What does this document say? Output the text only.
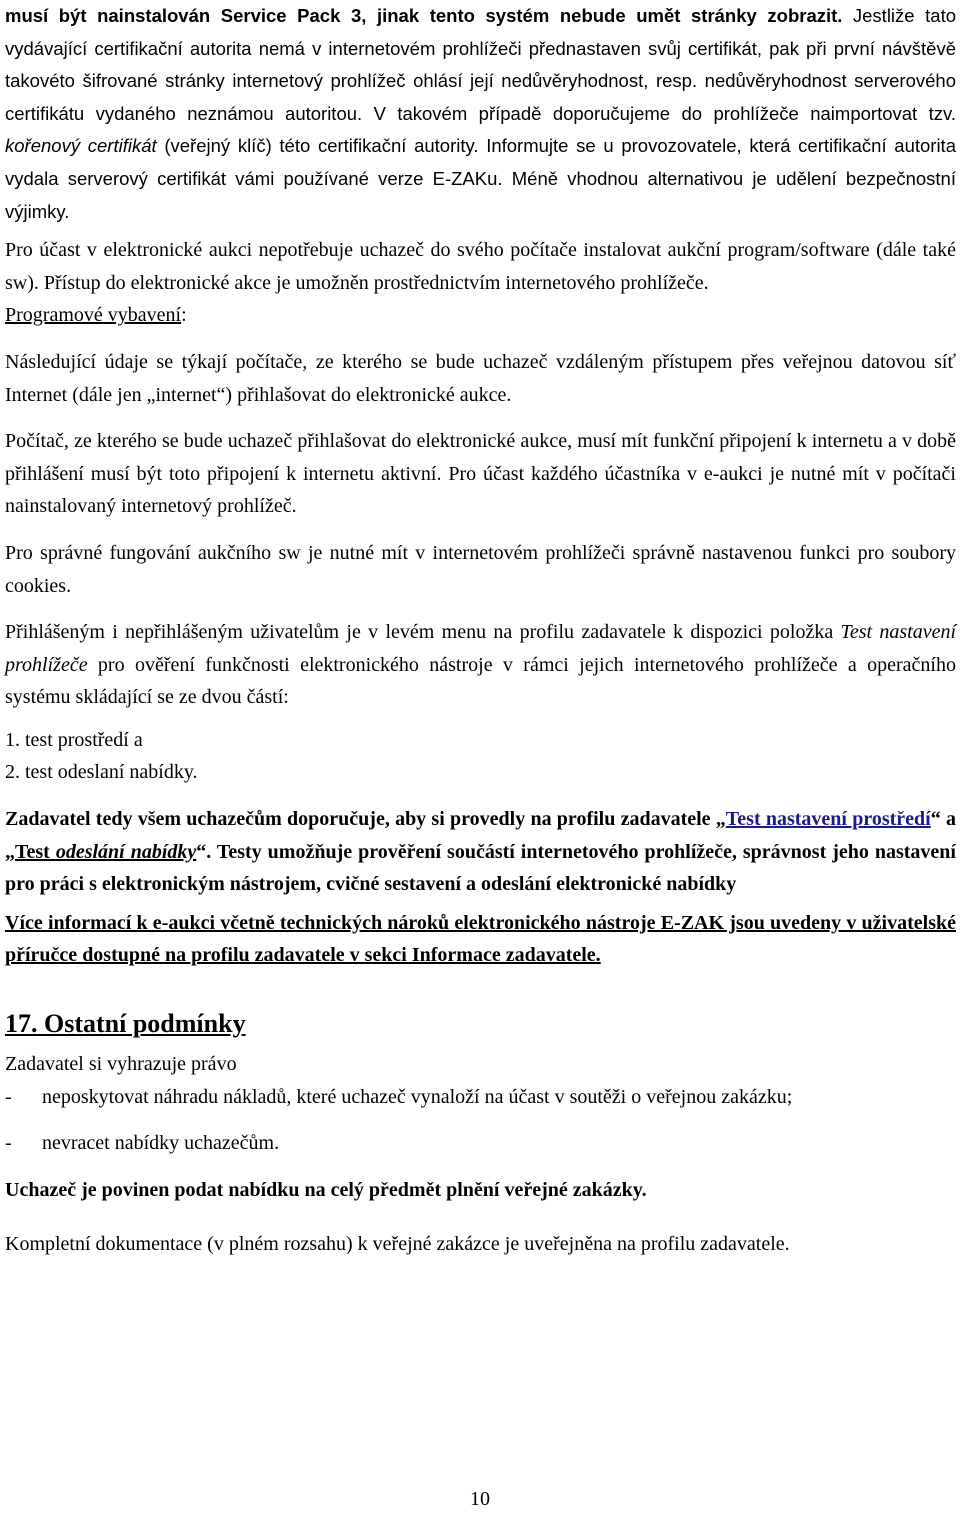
musí být nainstalován Service Pack 3, jinak tento systém nebude umět stránky zobrazit. Jestliže tato vydávající certifikační autorita nemá v internetovém prohlížeči přednastaven svůj certifikát, pak při první návštěvě takovéto šifrované stránky internetový prohlížeč ohlásí její nedůvěryhodnost, resp. nedůvěryhodnost serverového certifikátu vydaného neznámou autoritou. V takovém případě doporučujeme do prohlížeče naimportovat tzv. kořenový certifikát (veřejný klíč) této certifikační autority. Informujte se u provozovatele, která certifikační autorita vydala serverový certifikát vámi používané verze E-ZAKu. Méně vhodnou alternativou je udělení bezpečnostní výjimky.

Pro účast v elektronické aukci nepotřebuje uchazeč do svého počítače instalovat aukční program/software (dále také sw). Přístup do elektronické akce je umožněn prostřednictvím internetového prohlížeče.

Programové vybavení:

Následující údaje se týkají počítače, ze kterého se bude uchazeč vzdáleným přístupem přes veřejnou datovou síť Internet (dále jen „internet“) přihlašovat do elektronické aukce.

Počítač, ze kterého se bude uchazeč přihlašovat do elektronické aukce, musí mít funkční připojení k internetu a v době přihlášení musí být toto připojení k internetu aktivní. Pro účast každého účastníka v e-aukci je nutné mít v počítači nainstalovaný internetový prohlížeč.

Pro správné fungování aukčního sw je nutné mít v internetovém prohlížeči správně nastavenou funkci pro soubory cookies.

Přihlášeným i nepřihlášeným uživatelům je v levém menu na profilu zadavatele k dispozici položka Test nastavení prohlížeče pro ověření funkčnosti elektronického nástroje v rámci jejich internetového prohlížeče a operačního systému skládající se ze dvou částí:

1. test prostředí a

2. test odeslaní nabídky.

Zadavatel tedy všem uchazečům doporučuje, aby si provedly na profilu zadavatele „Test nastavení prostředí“ a „Test odeslání nabídky“. Testy umožňuje prověření součástí internetového prohlížeče, správnost jeho nastavení pro práci s elektronickým nástrojem, cvičné sestavení a odeslání elektronické nabídky

Více informací k e-aukci včetně technických nároků elektronického nástroje E-ZAK jsou uvedeny v uživatelské příručce dostupné na profilu zadavatele v sekci Informace zadavatele.

17. Ostatní podmínky

Zadavatel si vyhrazuje právo

-	neposkytovat náhradu nákladů, které uchazeč vynaloží na účast v soutěži o veřejnou zakázku;
-	nevracet nabídky uchazečům.

Uchazeč je povinen podat nabídku na celý předmět plnění veřejné zakázky.

Kompletní dokumentace (v plném rozsahu) k veřejné zakázce je uveřejněna na profilu zadavatele.

10
